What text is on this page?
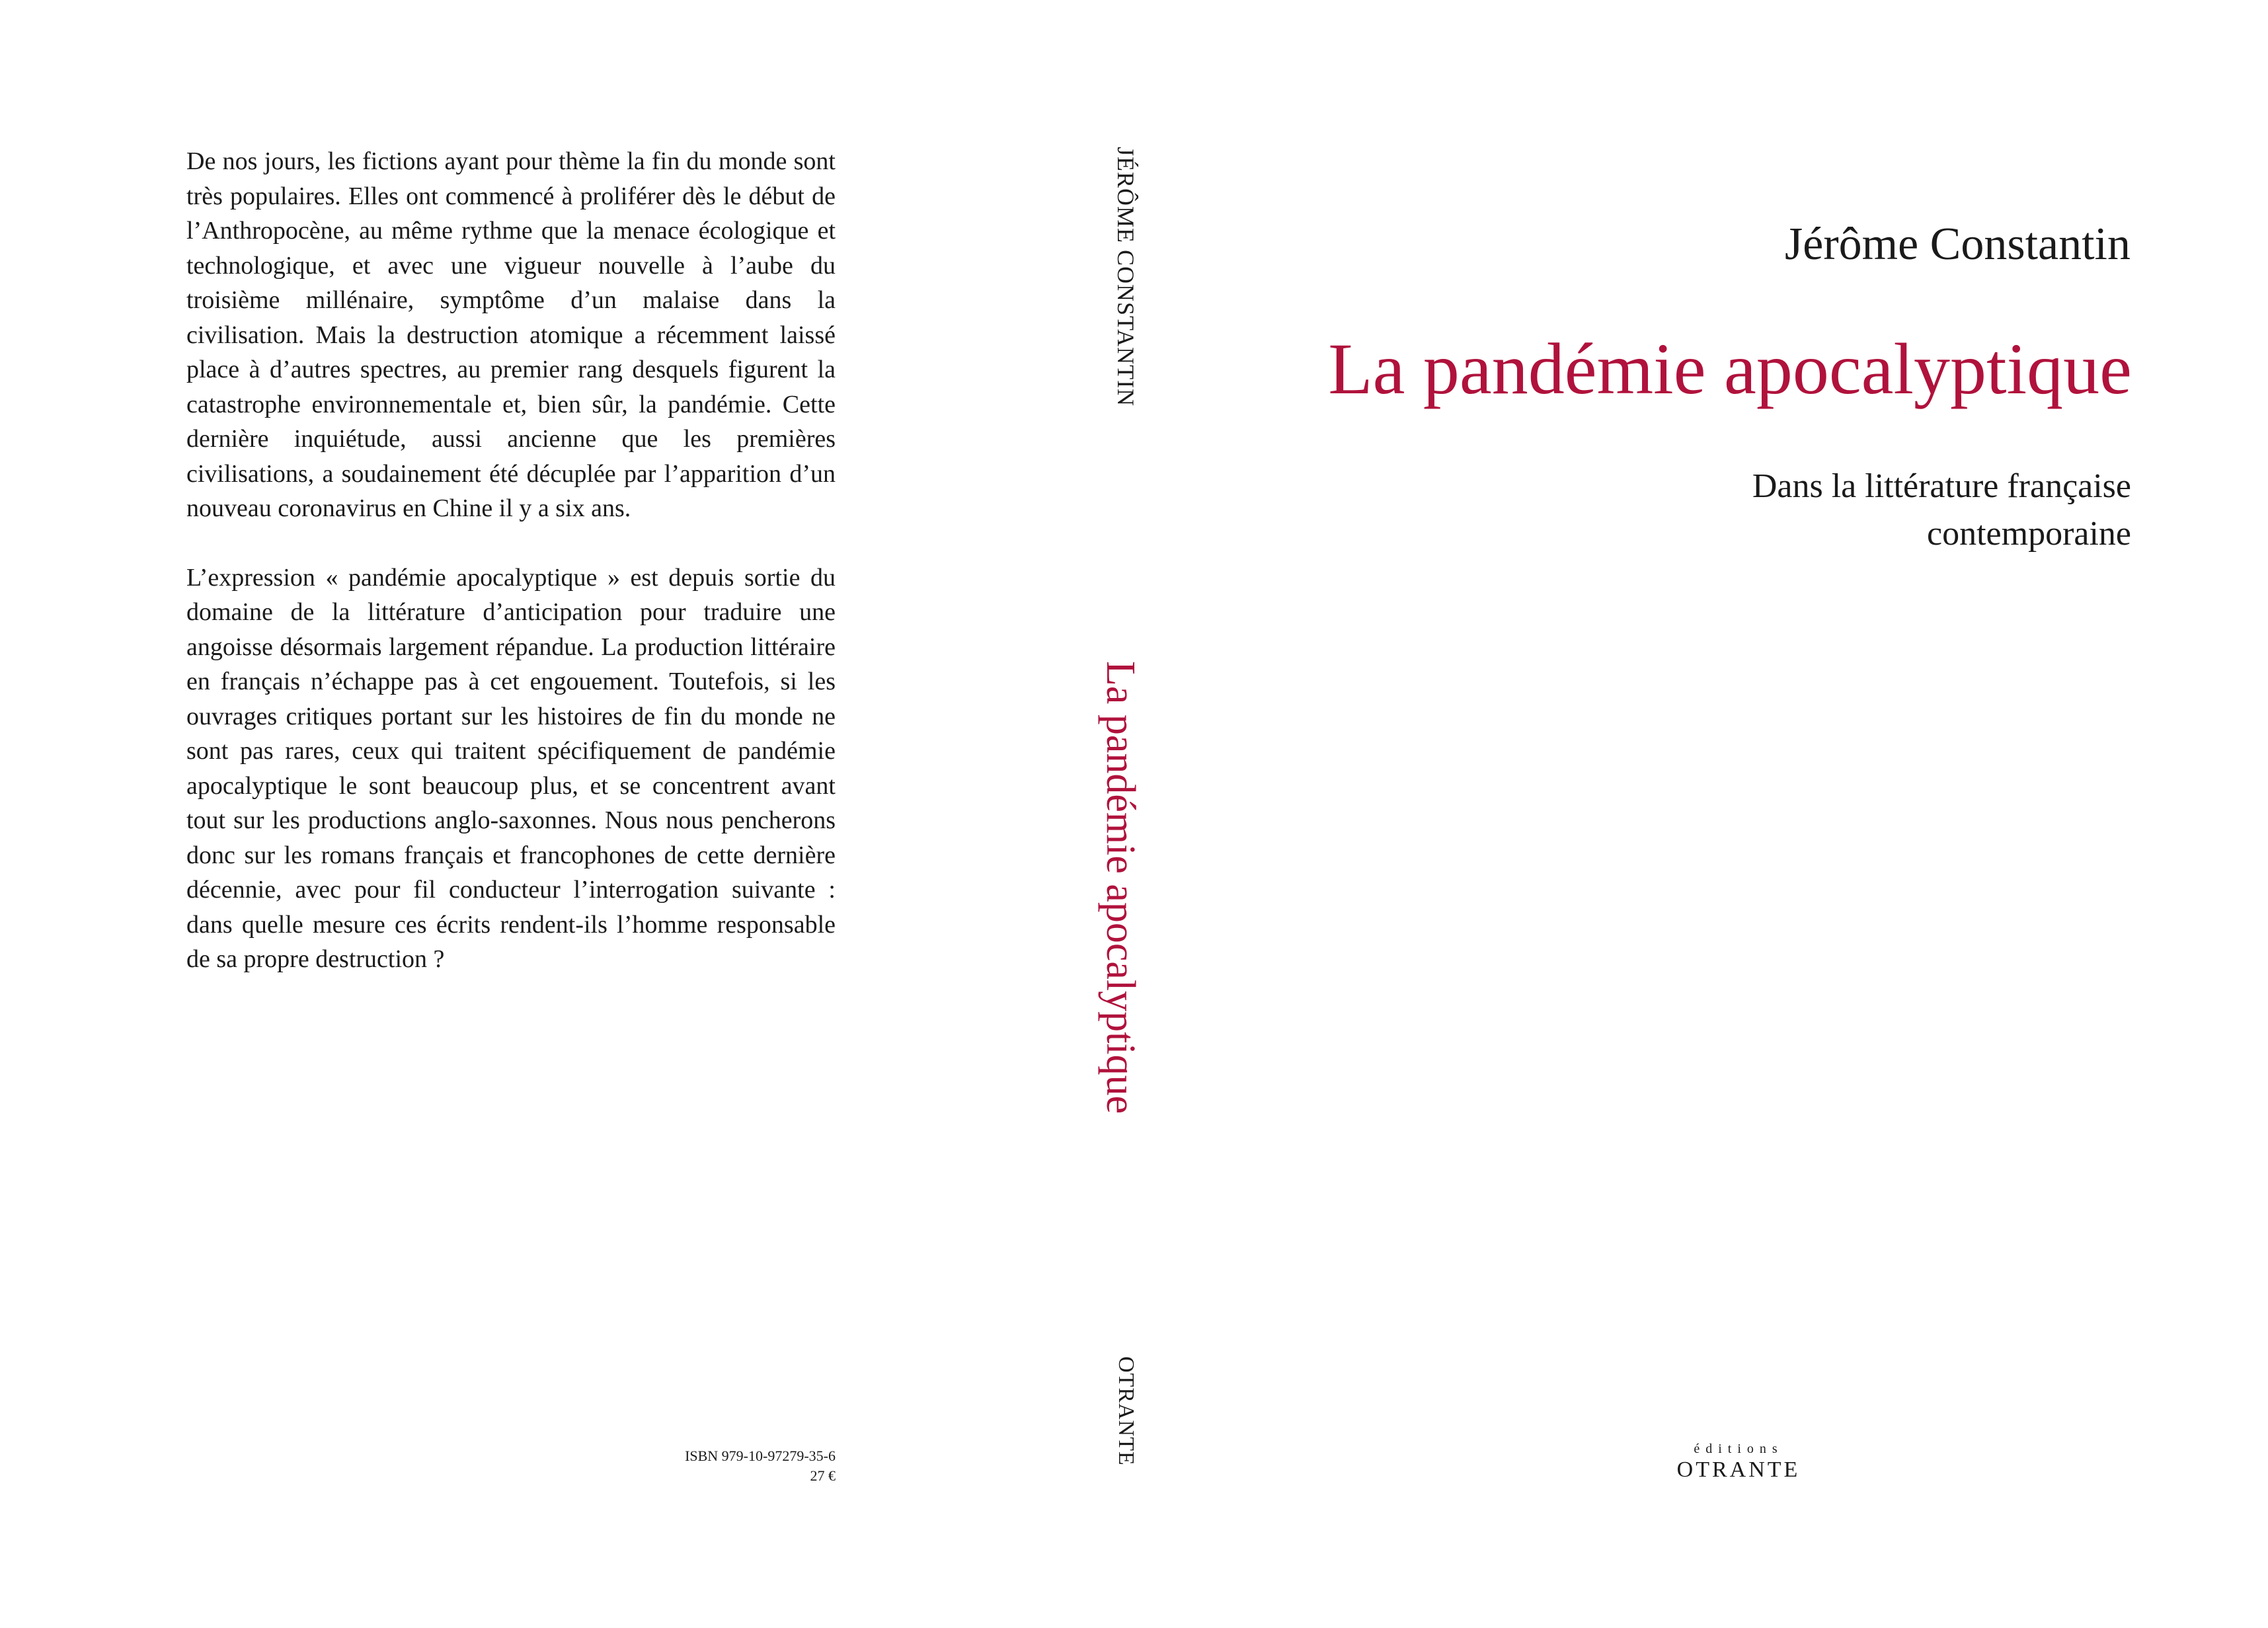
De nos jours, les fictions ayant pour thème la fin du monde sont très populaires. Elles ont commencé à proliférer dès le début de l’Anthropocène, au même rythme que la menace écologique et technologique, et avec une vigueur nouvelle à l’aube du troisième millénaire, symptôme d’un malaise dans la civilisation. Mais la destruction atomique a récemment laissé place à d’autres spectres, au premier rang desquels figurent la catastrophe environnementale et, bien sûr, la pandémie. Cette dernière inquiétude, aussi ancienne que les premières civilisations, a soudainement été décuplée par l’apparition d’un nouveau coronavirus en Chine il y a six ans.

L’expression « pandémie apocalyptique » est depuis sortie du domaine de la littérature d’anticipation pour traduire une angoisse désormais largement répandue. La production littéraire en français n’échappe pas à cet engouement. Toutefois, si les ouvrages critiques portant sur les histoires de fin du monde ne sont pas rares, ceux qui traitent spécifiquement de pandémie apocalyptique le sont beaucoup plus, et se concentrent avant tout sur les productions anglo-saxonnes. Nous nous pencherons donc sur les romans français et francophones de cette dernière décennie, avec pour fil conducteur l’interrogation suivante : dans quelle mesure ces écrits rendent-ils l’homme responsable de sa propre destruction ?

ISBN 979-10-97279-35-6
27 €
JÉRÔME CONSTANTIN
La pandémie apocalyptique
OTRANTE
Jérôme Constantin
La pandémie apocalyptique
Dans la littérature française
contemporaine
éditions
OTRANTE
